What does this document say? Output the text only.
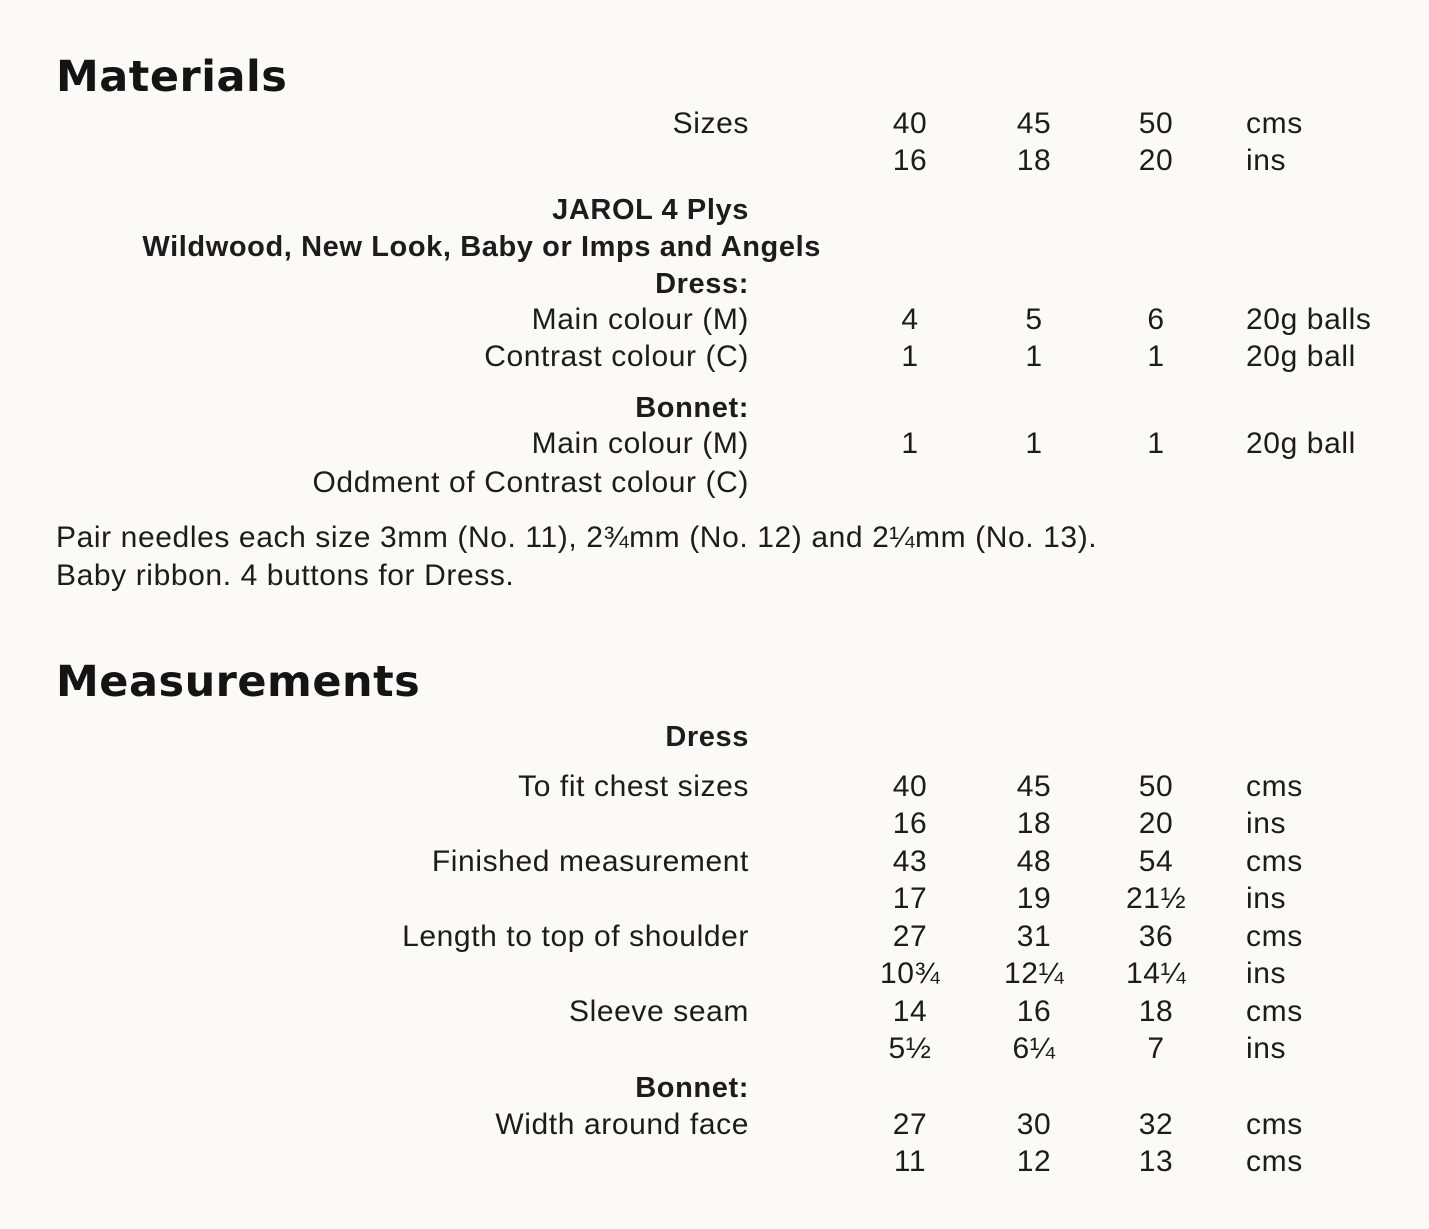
Materials
Sizes	40	45	50	cms
16	18	20	ins
JAROL 4 Plys
Wildwood, New Look, Baby or Imps and Angels
Dress:
Main colour (M)	4	5	6	20g balls
Contrast colour (C)	1	1	1	20g ball
Bonnet:
Main colour (M)	1	1	1	20g ball
Oddment of Contrast colour (C)

Pair needles each size 3mm (No. 11), 2¾mm (No. 12) and 2¼mm (No. 13).

Baby ribbon. 4 buttons for Dress.

Measurements
Dress
To fit chest sizes	40	45	50	cms
16	18	20	ins
Finished measurement	43	48	54	cms
17	19	21½ ins
Length to top of shoulder	27	31	36	cms
10¾ 12¼ 14¼ ins
Sleeve seam	14	16	18	cms
5½	6¼	7	ins
Bonnet:
Width around face	27	30	32	cms
11	12	13	cms
